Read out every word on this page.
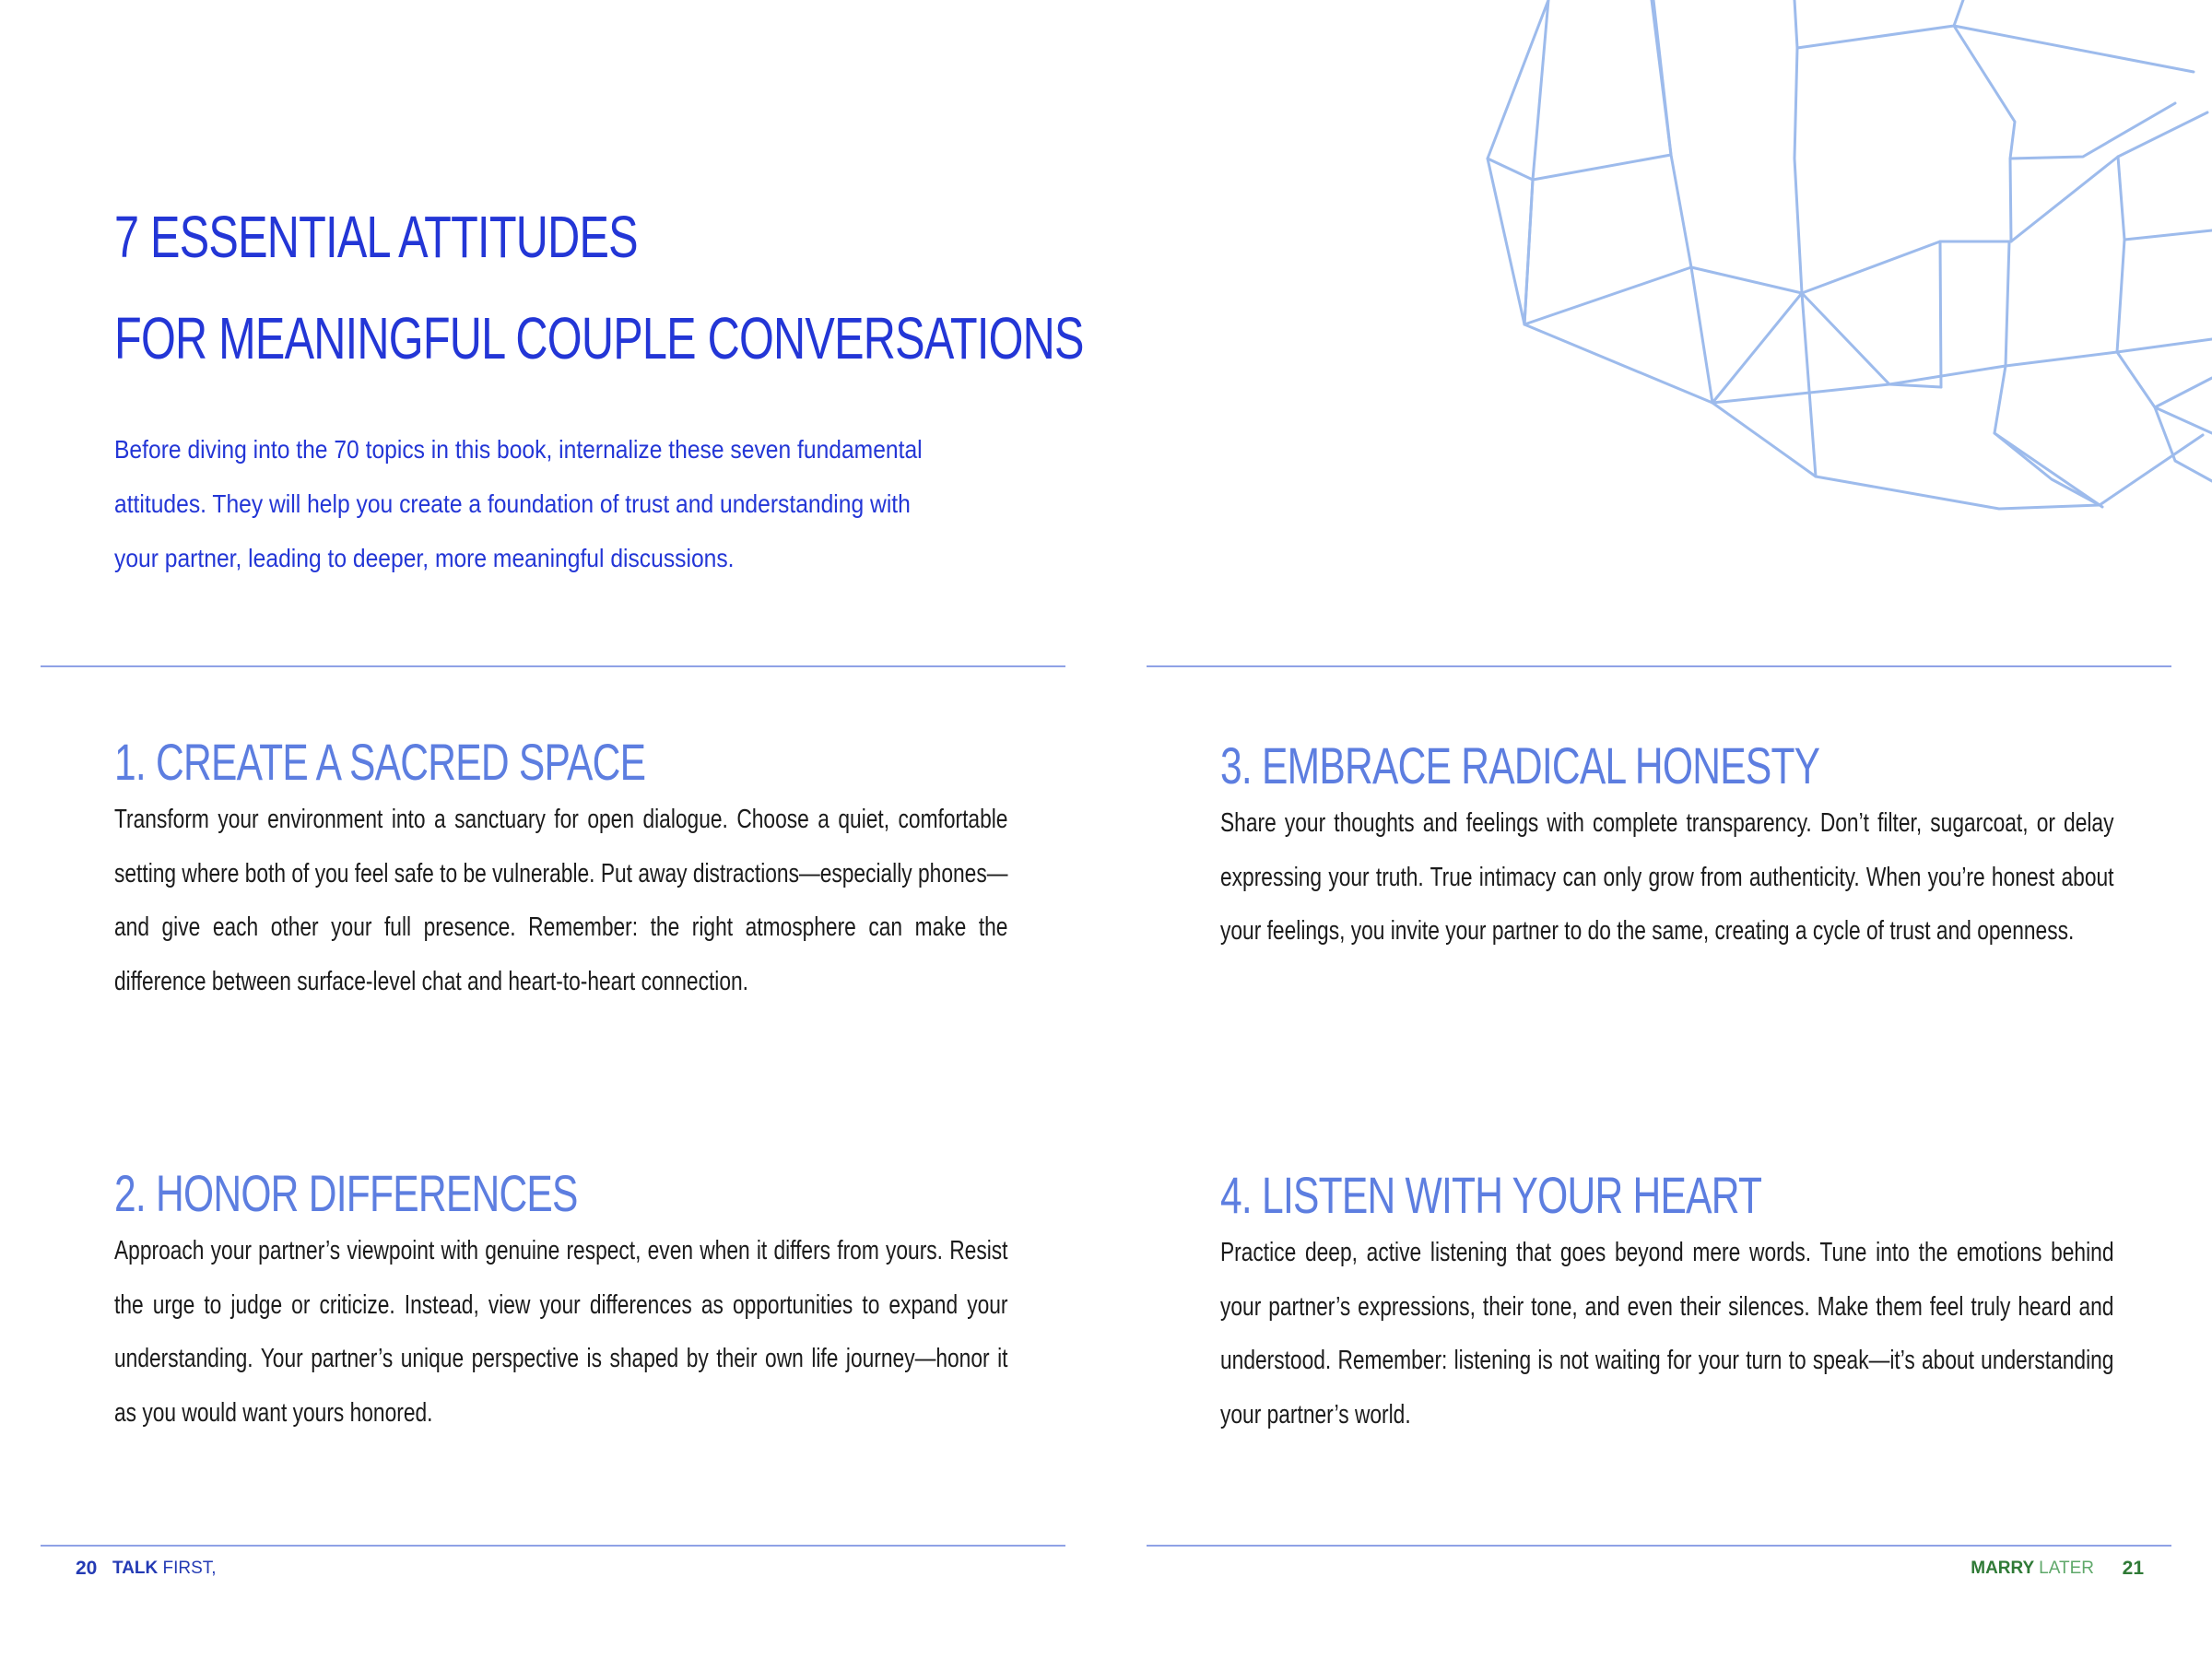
7 ESSENTIAL ATTITUDES
FOR MEANINGFUL COUPLE CONVERSATIONS

Before diving into the 70 topics in this book, internalize these seven fundamental attitudes. They will help you create a foundation of trust and understanding with your partner, leading to deeper, more meaningful discussions.

1. CREATE A SACRED SPACE

Transform your environment into a sanctuary for open dialogue. Choose a quiet, comfortable setting where both of you feel safe to be vulnerable. Put away distractions—especially phones—and give each other your full presence. Remember: the right atmosphere can make the difference between surface-level chat and heart-to-heart connection.

2. HONOR DIFFERENCES

Approach your partner’s viewpoint with genuine respect, even when it differs from yours. Resist the urge to judge or criticize. Instead, view your differences as opportunities to expand your understanding. Your partner’s unique perspective is shaped by their own life journey—honor it as you would want yours honored.

20 TALK FIRST,
3. EMBRACE RADICAL HONESTY

Share your thoughts and feelings with complete transparency. Don’t filter, sugarcoat, or delay expressing your truth. True intimacy can only grow from authenticity. When you’re honest about your feelings, you invite your partner to do the same, creating a cycle of trust and openness.

4. LISTEN WITH YOUR HEART

Practice deep, active listening that goes beyond mere words. Tune into the emotions behind your partner’s expressions, their tone, and even their silences. Make them feel truly heard and understood. Remember: listening is not waiting for your turn to speak—it’s about understanding your partner’s world.

MARRY LATER 21
